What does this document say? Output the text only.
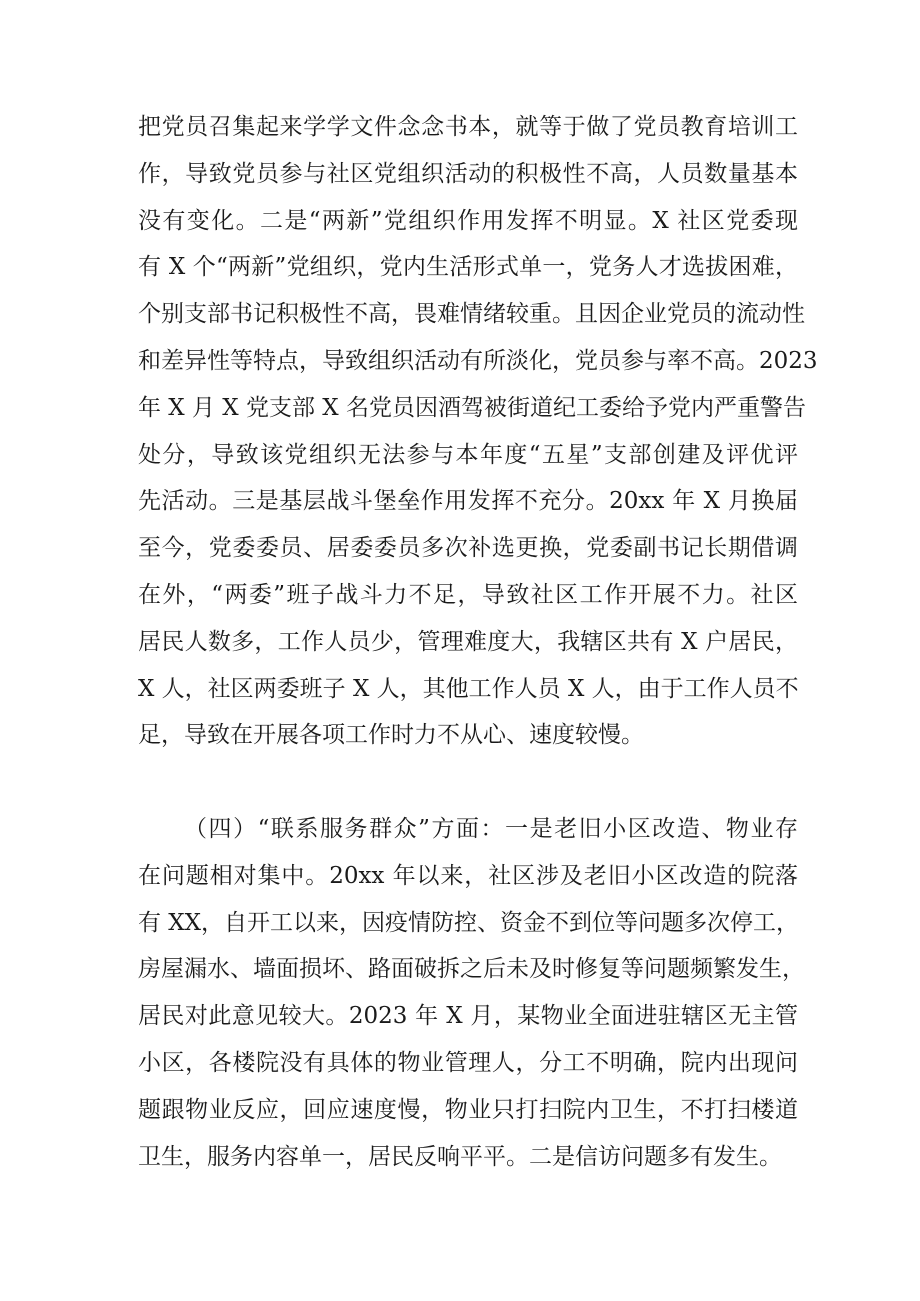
把党员召集起来学学文件念念书本，就等于做了党员教育培训工
作，导致党员参与社区党组织活动的积极性不高，人员数量基本
没有变化。二是“两新”党组织作用发挥不明显。X 社区党委现
有 X 个“两新”党组织，党内生活形式单一，党务人才选拔困难，
个别支部书记积极性不高，畏难情绪较重。且因企业党员的流动性
和差异性等特点，导致组织活动有所淡化，党员参与率不高。2023
年 X 月 X 党支部 X 名党员因酒驾被街道纪工委给予党内严重警告
处分，导致该党组织无法参与本年度“五星”支部创建及评优评
先活动。三是基层战斗堡垒作用发挥不充分。20xx 年 X 月换届
至今，党委委员、居委委员多次补选更换，党委副书记长期借调
在外，“两委”班子战斗力不足，导致社区工作开展不力。社区
居民人数多，工作人员少，管理难度大，我辖区共有 X 户居民，
X 人，社区两委班子 X 人，其他工作人员 X 人，由于工作人员不
足，导致在开展各项工作时力不从心、速度较慢。
（四）“联系服务群众”方面：一是老旧小区改造、物业存
在问题相对集中。20xx 年以来，社区涉及老旧小区改造的院落
有 XX，自开工以来，因疫情防控、资金不到位等问题多次停工，
房屋漏水、墙面损坏、路面破拆之后未及时修复等问题频繁发生，
居民对此意见较大。2023 年 X 月，某物业全面进驻辖区无主管
小区，各楼院没有具体的物业管理人，分工不明确，院内出现问
题跟物业反应，回应速度慢，物业只打扫院内卫生，不打扫楼道
卫生，服务内容单一，居民反响平平。二是信访问题多有发生。
